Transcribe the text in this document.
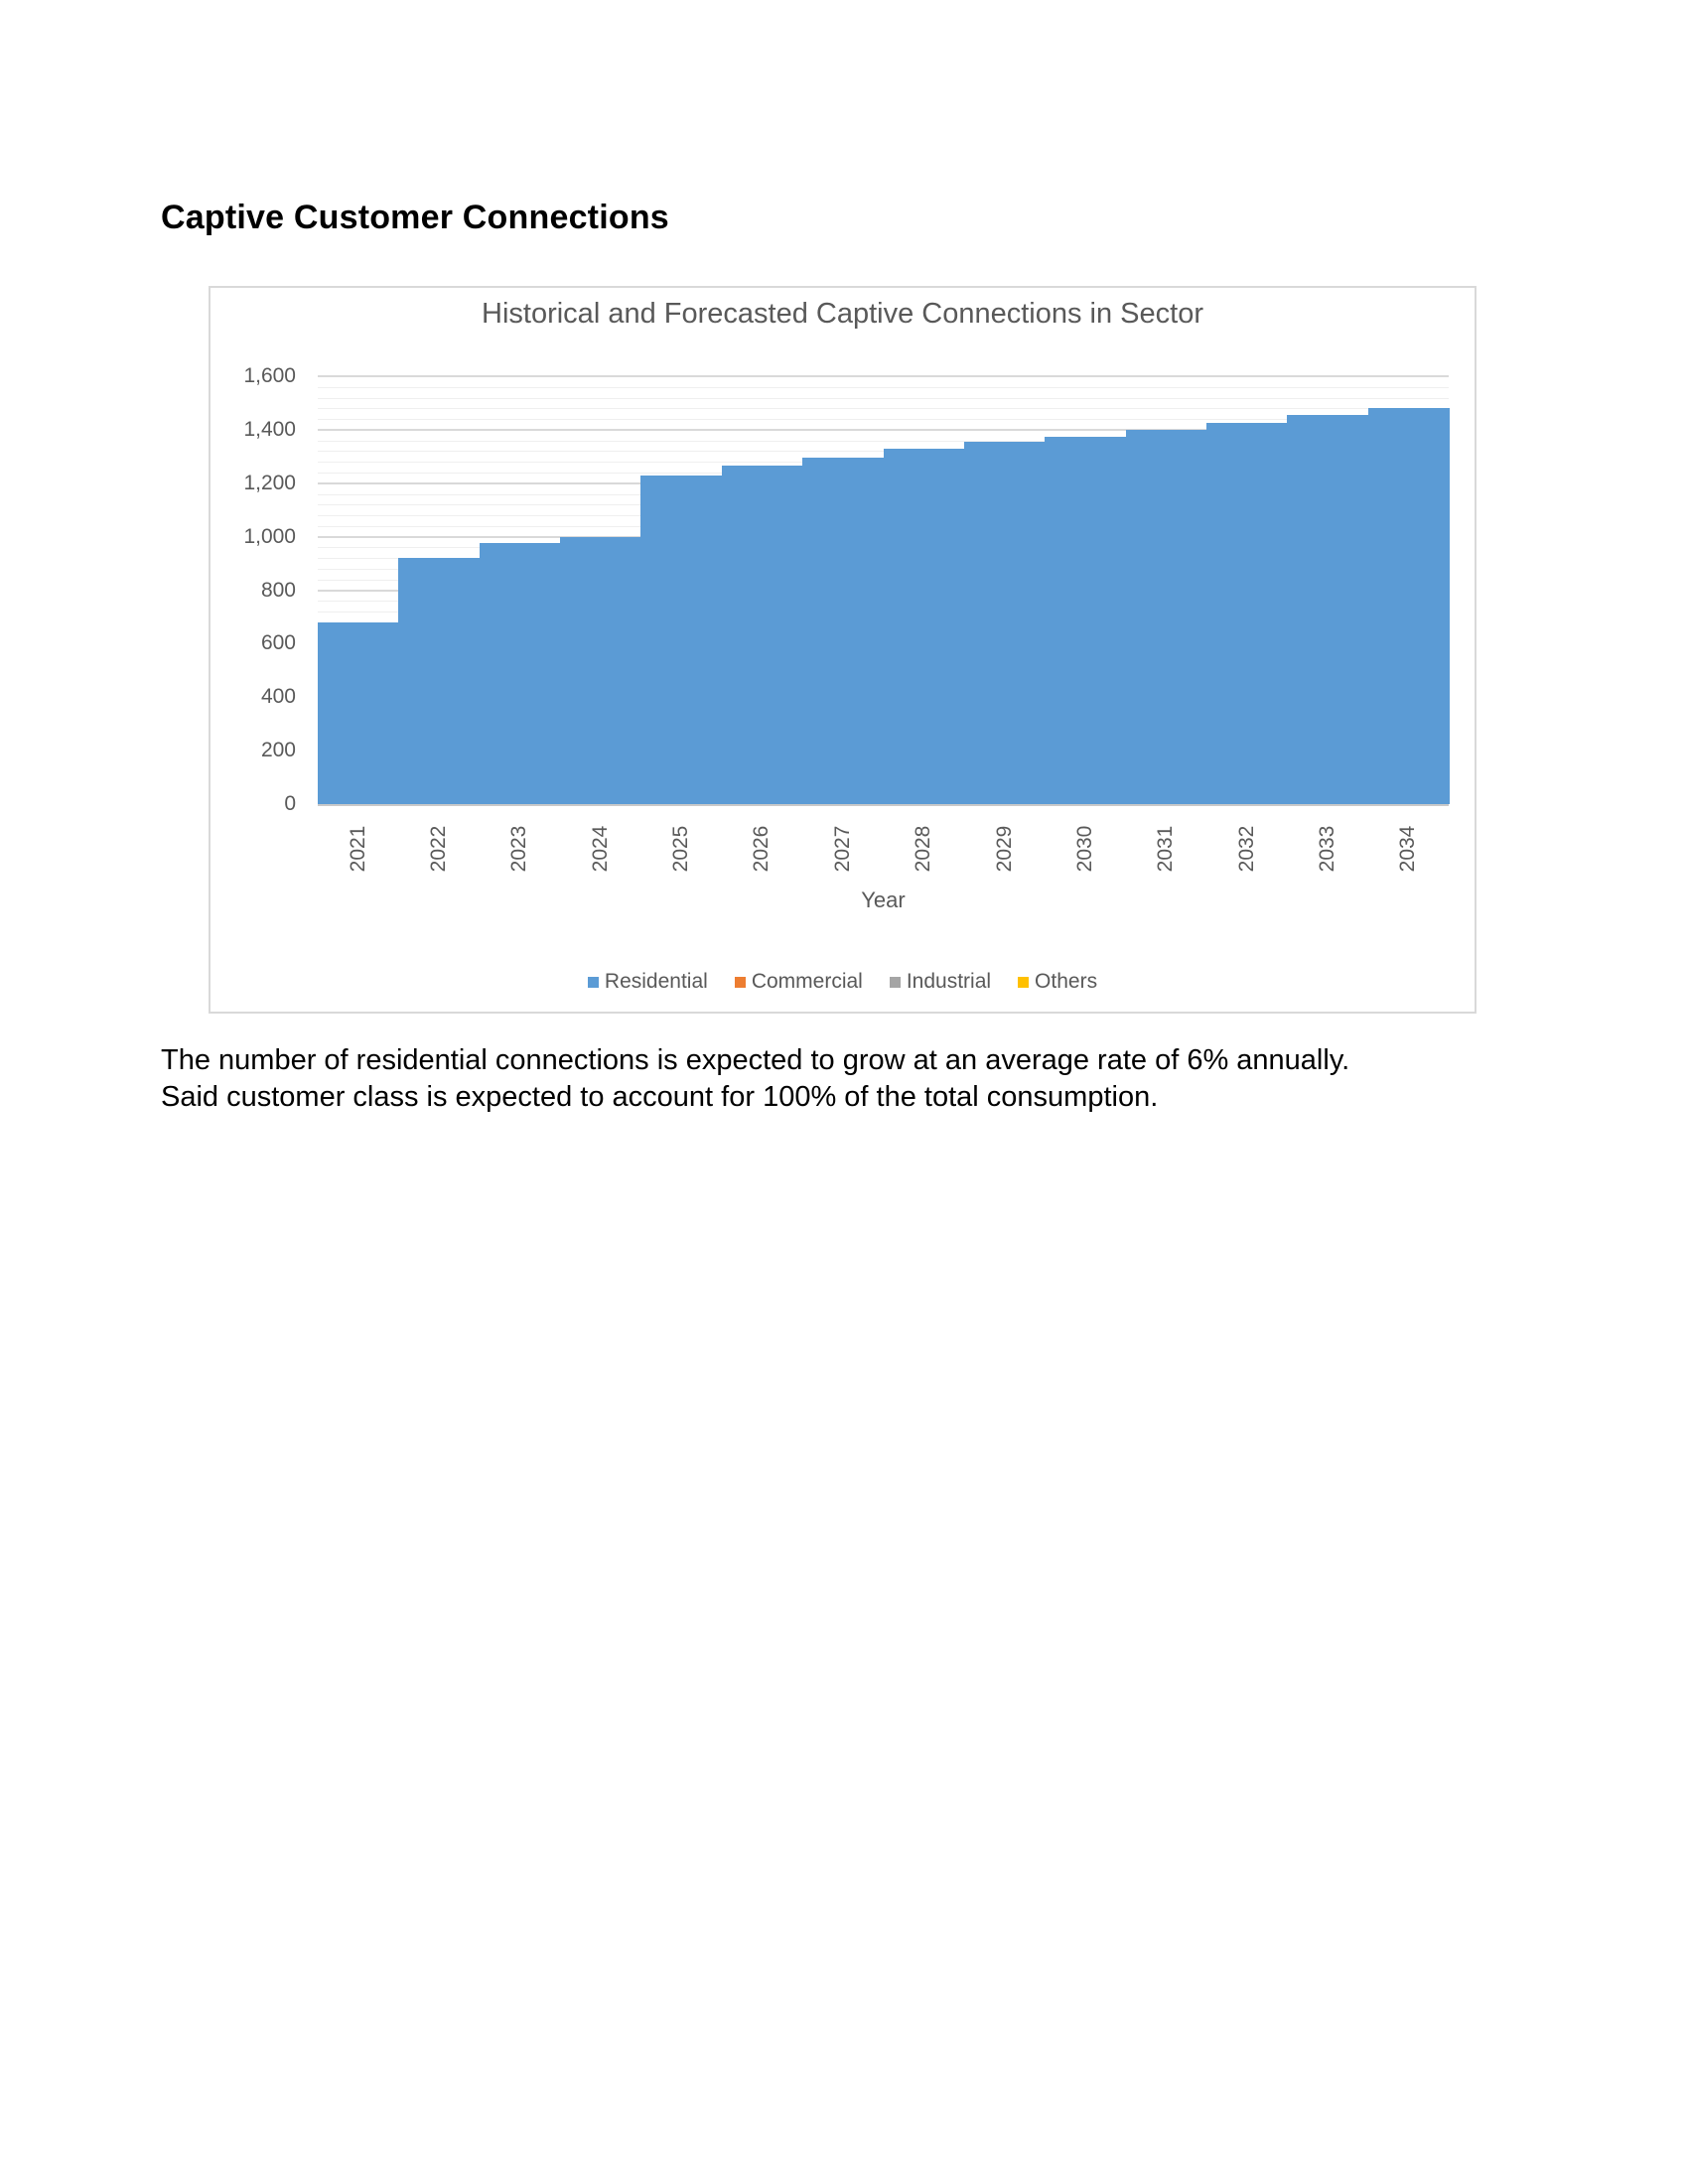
Captive Customer Connections
Historical and Forecasted Captive Connections in Sector
0
200
400
600
800
1,000
1,200
1,400
1,600
2021	2022	2023	2024	2025	2026	2027	2028	2029	2030	2031	2032	2033	2034
Year
Residential Commercial Industrial Others

The number of residential connections is expected to grow at an average rate of 6% annually.
Said customer class is expected to account for 100% of the total consumption.
